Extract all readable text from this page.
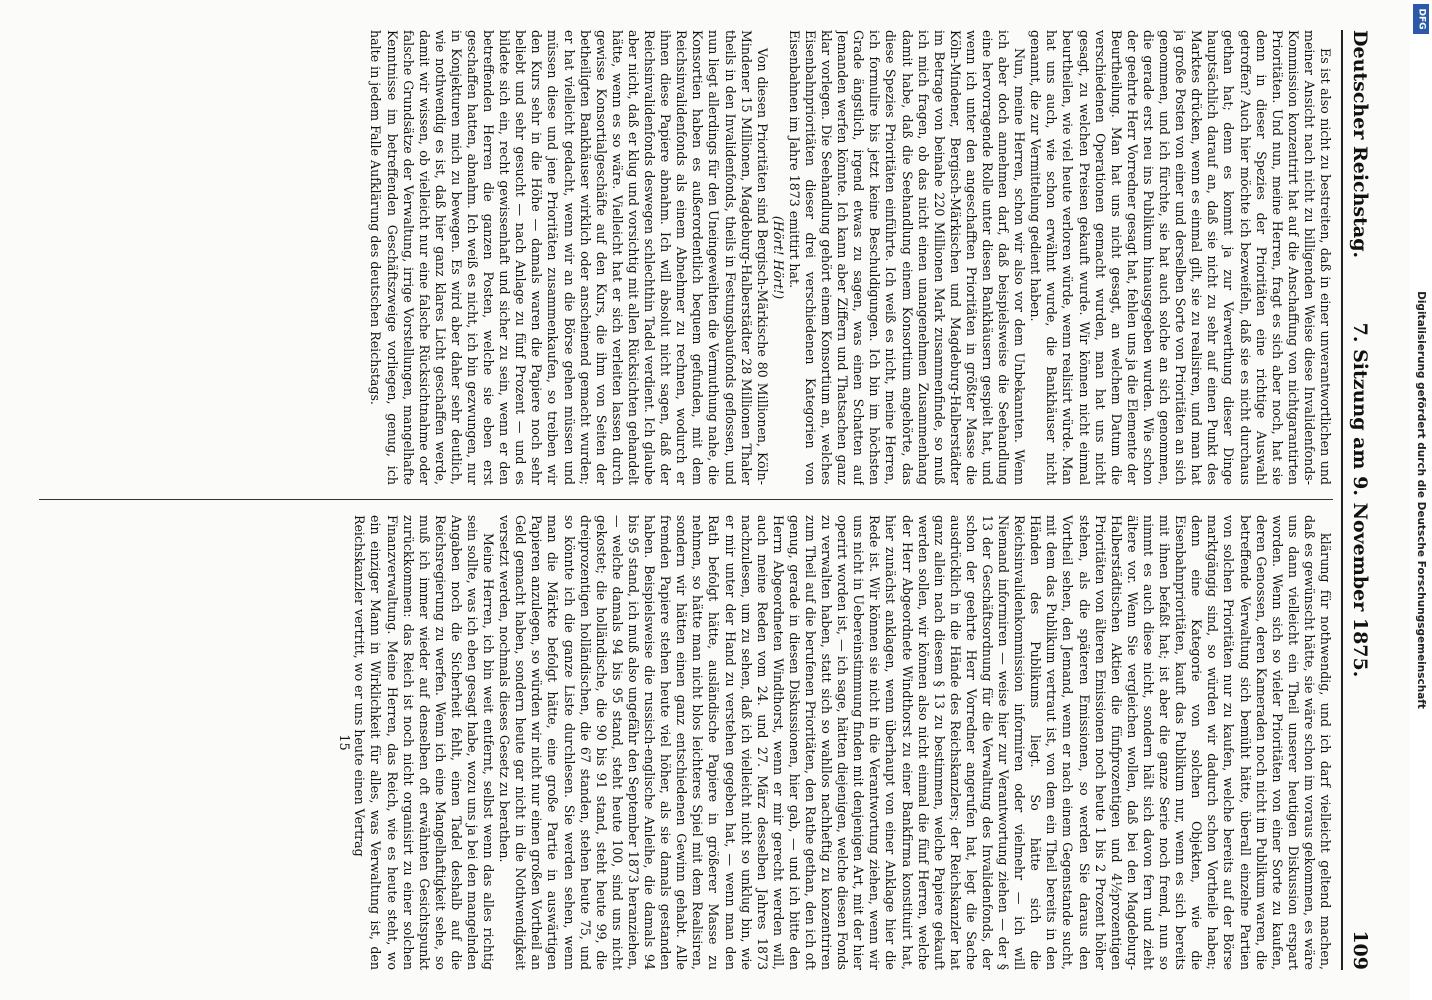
Deutscher Reichstag.
7. Sitzung am 9. November 1875.
109

Es ist also nicht zu bestreiten, daß in einer unverantwortlichen und meiner Ansicht nach nicht zu billigenden Weise diese Invalidenfonds-Kommission konzentrirt hat auf die Anschaffung von nichtgarantirten Prioritäten. Und nun, meine Herren, fragt es sich aber noch, hat sie denn in dieser Spezies der Prioritäten eine richtige Auswahl getroffen? Auch hier möchte ich bezweifeln, daß sie es nicht durchaus gethan hat; denn es kommt ja zur Verwerthung dieser Dinge hauptsächlich darauf an, daß sie nicht zu sehr auf einen Punkt des Marktes drücken, wenn es einmal gilt, sie zu realisiren, und man hat ja große Posten von einer und derselben Sorte von Prioritäten an sich genommen, und ich fürchte, sie hat auch solche an sich genommen, die gerade erst neu ins Publikum hinausgegeben wurden. Wie schon der geehrte Herr Vorredner gesagt hat, fehlen uns ja die Elemente der Beurtheilung. Man hat uns nicht gesagt, an welchem Datum die verschiedenen Operationen gemacht wurden, man hat uns nicht gesagt, zu welchen Preisen gekauft wurde. Wir können nicht einmal beurtheilen, wie viel heute verloren würde, wenn realisirt würde. Man hat uns auch, wie schon erwähnt wurde, die Bankhäuser nicht genannt, die zur Vermittelung gedient haben.

Nun, meine Herren, schon wir also vor dem Unbekannten. Wenn ich aber doch annehmen darf, daß beispielsweise die Seehandlung eine hervorragende Rolle unter diesen Bankhäusern gespielt hat, und wenn ich unter den angeschafften Prioritäten in größter Masse die Köln-Mindener, Bergisch-Märkischen und Magdeburg-Halberstädter im Betrage von beinahe 220 Millionen Mark zusammenfinde, so muß ich mich fragen, ob das nicht einen unangenehmen Zusammenhang damit habe, daß die Seehandlung einem Konsortium angehörte, das diese Spezies Prioritäten einführte. Ich weiß es nicht, meine Herren, ich formulire bis jetzt keine Beschuldigungen. Ich bin im höchsten Grade ängstlich, irgend etwas zu sagen, was einen Schatten auf Jemanden werfen könnte. Ich kann aber Ziffern und Thatsachen ganz klar vorlegen. Die Seehandlung gehört einem Konsortium an, welches Eisenbahnprioritäten dieser drei verschiedenen Kategorien von Eisenbahnen im Jahre 1873 emittirt hat.

(Hört! Hört!)

Von diesen Prioritäten sind Bergisch-Märkische 80 Millionen, Köln-Mindener 15 Millionen, Magdeburg-Halberstädter 28 Millionen Thaler theils in den Invalidenfonds, theils in Festungsbaufonds geflossen, und nun liegt allerdings für den Uneingeweihten die Vermuthung nahe, die Konsortien haben es außerordentlich bequem gefunden, mit dem Reichsinvalidenfonds als einem Abnehmer zu rechnen, wodurch er ihnen diese Papiere abnahm. Ich will absolut nicht sagen, daß der Reichsinvalidenfonds deswegen schlechthin Tadel verdient. Ich glaube aber nicht, daß er klug und vorsichtig mit allen Rücksichten gehandelt hätte, wenn es so wäre. Vielleicht hat er sich verleiten lassen durch gewisse Konsortialgeschäfte auf den Kurs, die ihm von Seiten der betheiligten Bankhäuser wirklich oder anscheinend gemacht wurden; er hat vielleicht gedacht, wenn wir an die Börse gehen müssen und müssen diese und jene Prioritäten zusammenkaufen, so treiben wir den Kurs sehr in die Höhe — damals waren die Papiere noch sehr beliebt und sehr gesucht — nach Anlage zu fünf Prozent — und es bildete sich ein, recht gewissenhaft und sicher zu sein, wenn er den betreffenden Herren die ganzen Posten, welche sie eben erst geschaffen hatten, abnahm. Ich weiß es nicht, ich bin gezwungen, nur in Konjekturen mich zu bewegen. Es wird aber daher sehr deutlich, wie nothwendig es ist, daß hier ganz klares Licht geschaffen werde, damit wir wissen, ob vielleicht nur eine falsche Rücksichtnahme oder falsche Grundsätze der Verwaltung, irrige Vorstellungen, mangelhafte Kenntnisse im betreffenden Geschäftszweige vorliegen, genug, ich halte in jedem Falle Aufklärung des deutschen Reichstags.

klärung für nothwendig, und ich darf vielleicht geltend machen, daß es gewünscht hätte, sie wäre schon im voraus gekommen, es wäre uns dann vielleicht ein Theil unserer heutigen Diskussion erspart worden. Wenn sich so vieler Prioritäten von einer Sorte zu kaufen, deren Genossen, deren Kameraden noch nicht im Publikum waren, die betreffende Verwaltung sich bemüht hätte, überall einzelne Partien von solchen Prioritäten nur zu kaufen, welche bereits auf der Börse marktgängig sind, so würden wir dadurch schon Vortheile haben; denn eine Kategorie von solchen Objekten, wie die Eisenbahnprioritäten, kauft das Publikum nur, wenn es sich bereits mit ihnen befaßt hat; ist aber die ganze Serie noch fremd, nun so nimmt es auch diese nicht, sondern hält sich davon fern und zieht ältere vor. Wenn Sie vergleichen wollen, daß bei den Magdeburg-Halberstädtischen Aktien die fünfprozentigen und 4½prozentigen Prioritäten von älteren Emissionen noch heute 1 bis 2 Prozent höher stehen, als die späteren Emissionen, so werden Sie daraus den Vortheil sehen, den Jemand, wenn er nach einem Gegenstande sucht, mit dem das Publikum vertraut ist, von dem ein Theil bereits in den Händen des Publikums liegt. So hätte sich die Reichsinvalidenkommission informiren oder vielmehr — ich will Niemand informiren — weise hier zur Verantwortung ziehen — der § 13 der Geschäftsordnung für die Verwaltung des Invalidenfonds, der schon der geehrte Herr Vorredner angerufen hat, legt die Sache ausdrücklich in die Hände des Reichskanzlers; der Reichskanzler hat ganz allein nach diesem § 13 zu bestimmen, welche Papiere gekauft werden sollen, wir können also nicht einmal die fünf Herren, welche der Herr Abgeordnete Windthorst zu einer Bankfirma konstituirt hat, hier zunächst anklagen, wenn überhaupt von einer Anklage hier die Rede ist. Wir können sie nicht in die Verantwortung ziehen, wenn wir uns nicht in Uebereinstimmung finden mit denjenigen Art, mit der hier operirt worden ist, — ich sage, hätten diejenigen, welche diesen Fonds zu verwalten haben, statt sich so wahllos nachheftig zu konzentriren zum Theil auf die berufenen Prioritäten, den Rathe gethan, den ich oft genug, gerade in diesen Diskussionen, hier gab, — und ich bitte den Herrn Abgeordneten Windthorst, wenn er mir gerecht werden will, auch meine Reden vom 24. und 27. März desselben Jahres 1873 nachzulesen, um zu sehen, daß ich vielleicht nicht so unklug bin, wie er mir unter der Hand zu verstehen gegeben hat, — wenn man den Rath befolgt hätte, ausländische Papiere in größerer Masse zu nehmen, so hätte man nicht blos leichteres Spiel mit dem Realisiren, sondern wir hätten einen ganz entschiedenen Gewinn gehabt. Alle fremden Papiere stehen heute viel höher, als sie damals gestanden haben. Beispielsweise die russisch-englische Anleihe, die damals 94 bis 95 stand, ich muß also ungefähr den September 1873 heranziehen, — welche damals 94 bis 95 stand, steht heute 100, sind uns nicht gekostet; die holländische, die 90 bis 91 stand, steht heute 99, die dreiprozentigen holländischen, die 67 standen, stehen heute 75, und so könnte ich die ganze Liste durchlesen. Sie werden sehen, wenn man die Märkte befolgt hätte, eine große Partie in auswärtigen Papieren anzulegen, so würden wir nicht nur einen großen Vortheil an Geld gemacht haben, sondern heute gar nicht in die Nothwendigkeit versetzt werden, nochmals dieses Gesetz zu berathen.

Meine Herren, ich bin weit entfernt, selbst wenn das alles richtig sein sollte, was ich eben gesagt habe, wozu uns ja bei den mangelnden Angaben noch die Sicherheit fehlt, einen Tadel deshalb auf die Reichsregierung zu werfen. Wenn ich eine Mangelhaftigkeit sehe, so muß ich immer wieder auf denselben oft erwähnten Gesichtspunkt zurückkommen: das Reich ist noch nicht organisirt zu einer solchen Finanzverwaltung. Meine Herren, das Reich, wie es heute steht, wo ein einziger Mann in Wirklichkeit für alles, was Verwaltung ist, den Reichskanzler vertritt, wo er uns heute einen Vertrag

15

DFG
Digitalisierung gefördert durch die Deutsche Forschungsgemeinschaft
